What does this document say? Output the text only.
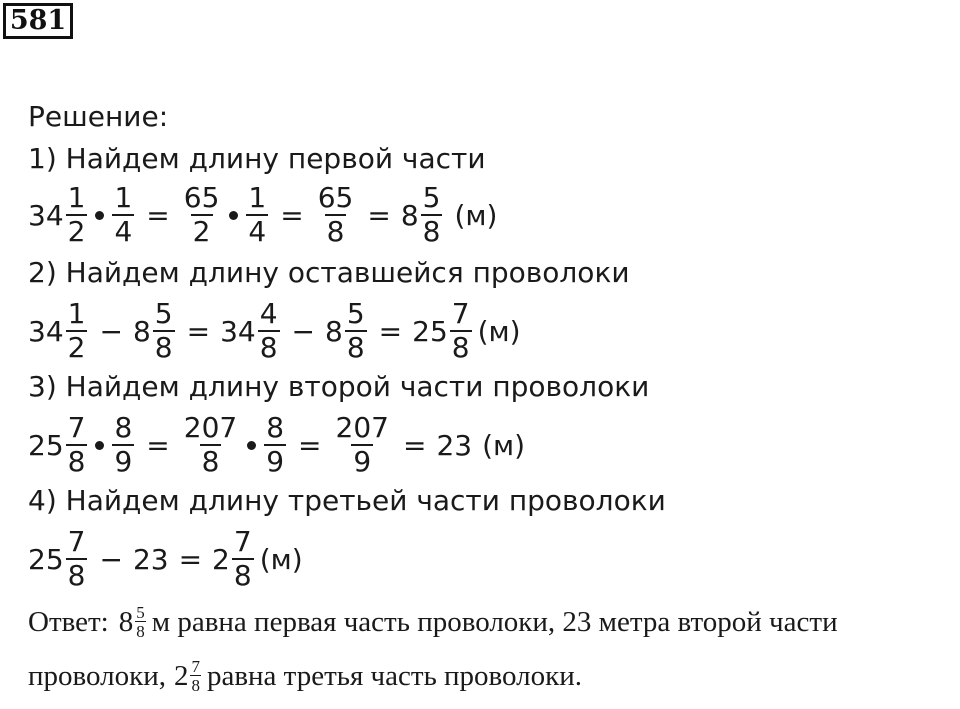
581
Решение:
1) Найдем длину первой части
$34 \frac{1}{2} \frac{1}{4} = \frac{65}{2} \frac{1}{4} = \frac{65}{8} = 8 \frac{5}{8} (м)$
2) Найдем длину оставшейся проволоки
$34 \frac{1}{2} - 8 \frac{5}{8} = 34 \frac{4}{8} - 8 \frac{5}{8} = 25 \frac{7}{8} (м)$
3) Найдем длину второй части проволоки
$25 \frac{7}{8} \frac{8}{9} = \frac{207}{8} \frac{8}{9} = \frac{207}{9} = 23$ (м)
4) Найдем длину третьей части проволоки
$25 \frac{7}{8} - 23 = 2 \frac{7}{8} (м)$
Ответ: $8 \frac{5}{8}$ м равна первая часть проволоки, 23 метра второй части
проволоки, $2 \frac{7}{8}$ равна третья часть проволоки.
